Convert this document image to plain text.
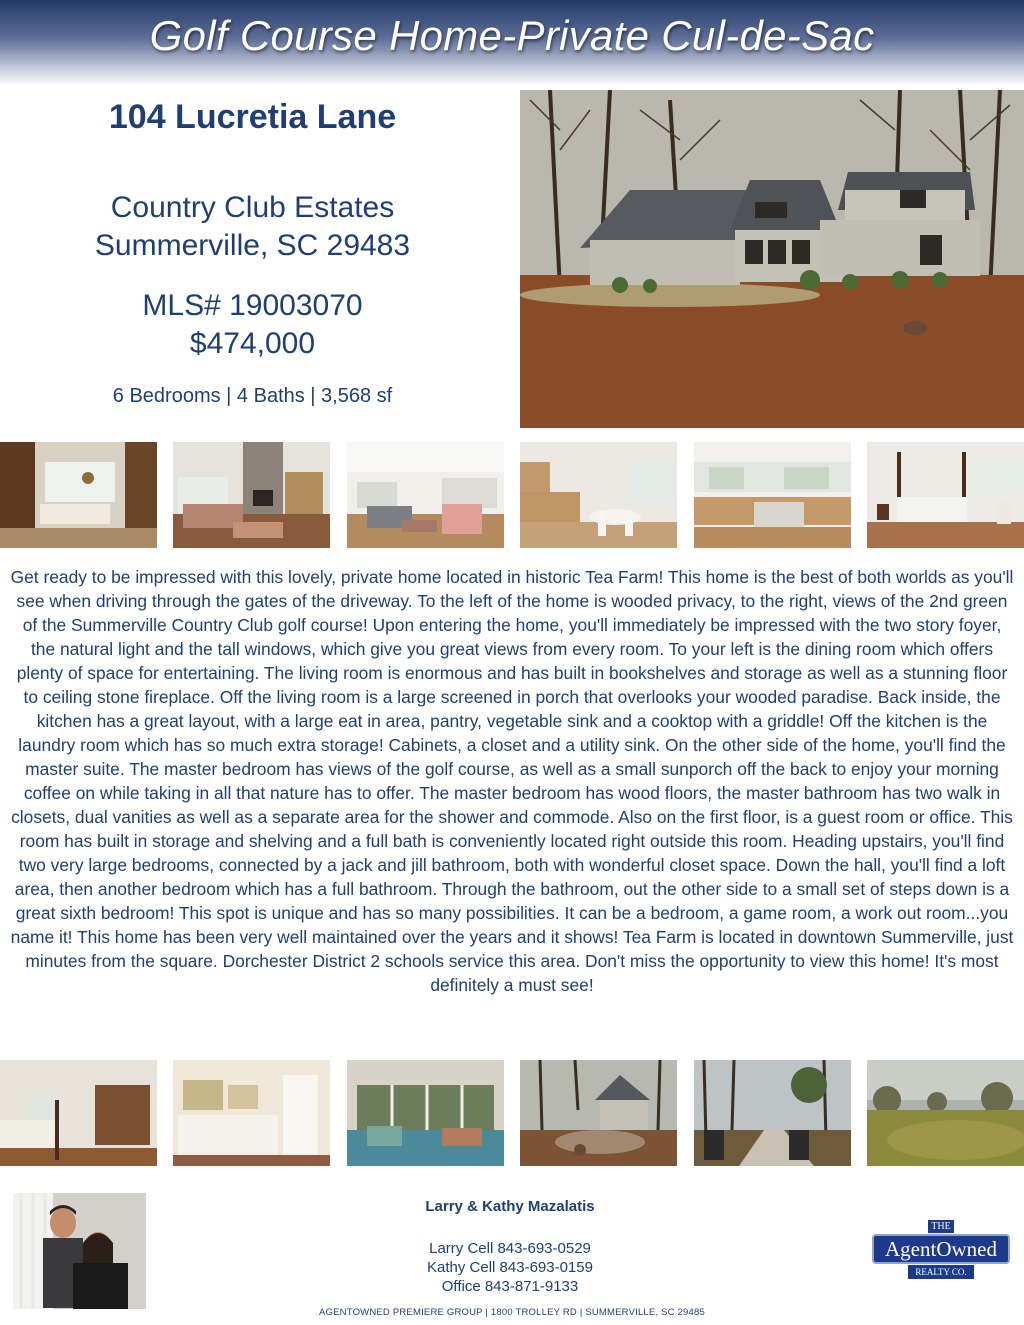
Golf Course Home-Private Cul-de-Sac
104 Lucretia Lane
Country Club Estates
Summerville, SC 29483
MLS# 19003070
$474,000
6 Bedrooms | 4 Baths | 3,568 sf
Get ready to be impressed with this lovely, private home located in historic Tea Farm! This home is the best of both worlds as you'll see when driving through the gates of the driveway. To the left of the home is wooded privacy, to the right, views of the 2nd green of the Summerville Country Club golf course! Upon entering the home, you'll immediately be impressed with the two story foyer, the natural light and the tall windows, which give you great views from every room. To your left is the dining room which offers plenty of space for entertaining. The living room is enormous and has built in bookshelves and storage as well as a stunning floor to ceiling stone fireplace. Off the living room is a large screened in porch that overlooks your wooded paradise. Back inside, the kitchen has a great layout, with a large eat in area, pantry, vegetable sink and a cooktop with a griddle! Off the kitchen is the laundry room which has so much extra storage! Cabinets, a closet and a utility sink. On the other side of the home, you'll find the master suite. The master bedroom has views of the golf course, as well as a small sunporch off the back to enjoy your morning coffee on while taking in all that nature has to offer. The master bedroom has wood floors, the master bathroom has two walk in closets, dual vanities as well as a separate area for the shower and commode. Also on the first floor, is a guest room or office. This room has built in storage and shelving and a full bath is conveniently located right outside this room. Heading upstairs, you'll find two very large bedrooms, connected by a jack and jill bathroom, both with wonderful closet space. Down the hall, you'll find a loft area, then another bedroom which has a full bathroom. Through the bathroom, out the other side to a small set of steps down is a great sixth bedroom! This spot is unique and has so many possibilities. It can be a bedroom, a game room, a work out room...you name it! This home has been very well maintained over the years and it shows! Tea Farm is located in downtown Summerville, just minutes from the square. Dorchester District 2 schools service this area. Don't miss the opportunity to view this home! It's most definitely a must see!
Larry & Kathy Mazalatis
Larry Cell 843-693-0529
Kathy Cell 843-693-0159
Office 843-871-9133
THE
AgentOwned
REALTY CO.
AGENTOWNED PREMIERE GROUP | 1800 TROLLEY RD | SUMMERVILLE, SC 29485
